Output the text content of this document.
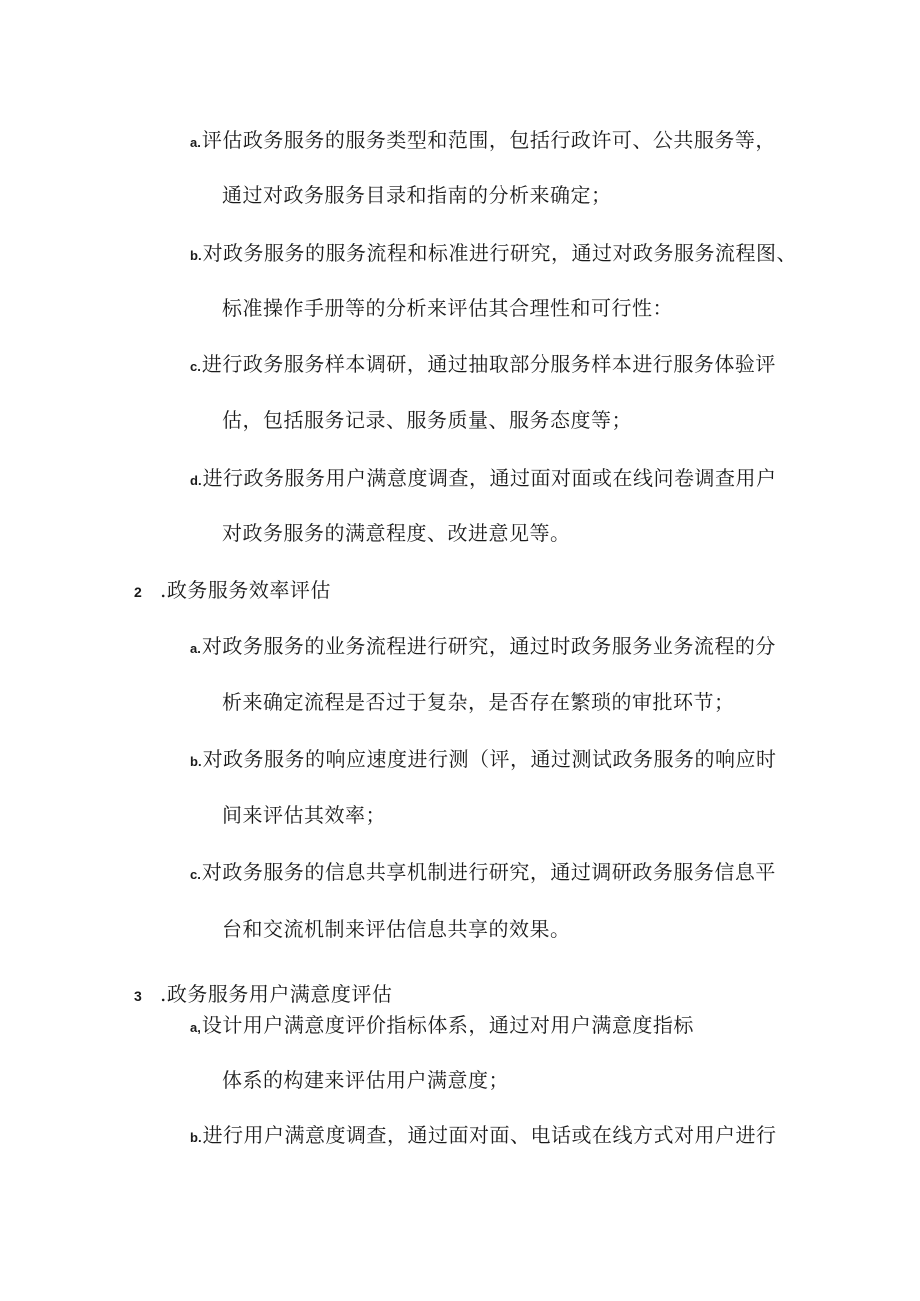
a.评估政务服务的服务类型和范围，包括行政许可、公共服务等，
通过对政务服务目录和指南的分析来确定；
b.对政务服务的服务流程和标准进行研究，通过对政务服务流程图、
标准操作手册等的分析来评估其合理性和可行性：
c.进行政务服务样本调研，通过抽取部分服务样本进行服务体验评
估，包括服务记录、服务质量、服务态度等；
d.进行政务服务用户满意度调查，通过面对面或在线问卷调查用户
对政务服务的满意程度、改进意见等。
2 .政务服务效率评估
a.对政务服务的业务流程进行研究，通过时政务服务业务流程的分
析来确定流程是否过于复杂，是否存在繁琐的审批环节；
b.对政务服务的响应速度进行测（评，通过测试政务服务的响应时
间来评估其效率；
c.对政务服务的信息共享机制进行研究，通过调研政务服务信息平
台和交流机制来评估信息共享的效果。
3 .政务服务用户满意度评估
a,设计用户满意度评价指标体系，通过对用户满意度指标
体系的构建来评估用户满意度；
b.进行用户满意度调查，通过面对面、电话或在线方式对用户进行
